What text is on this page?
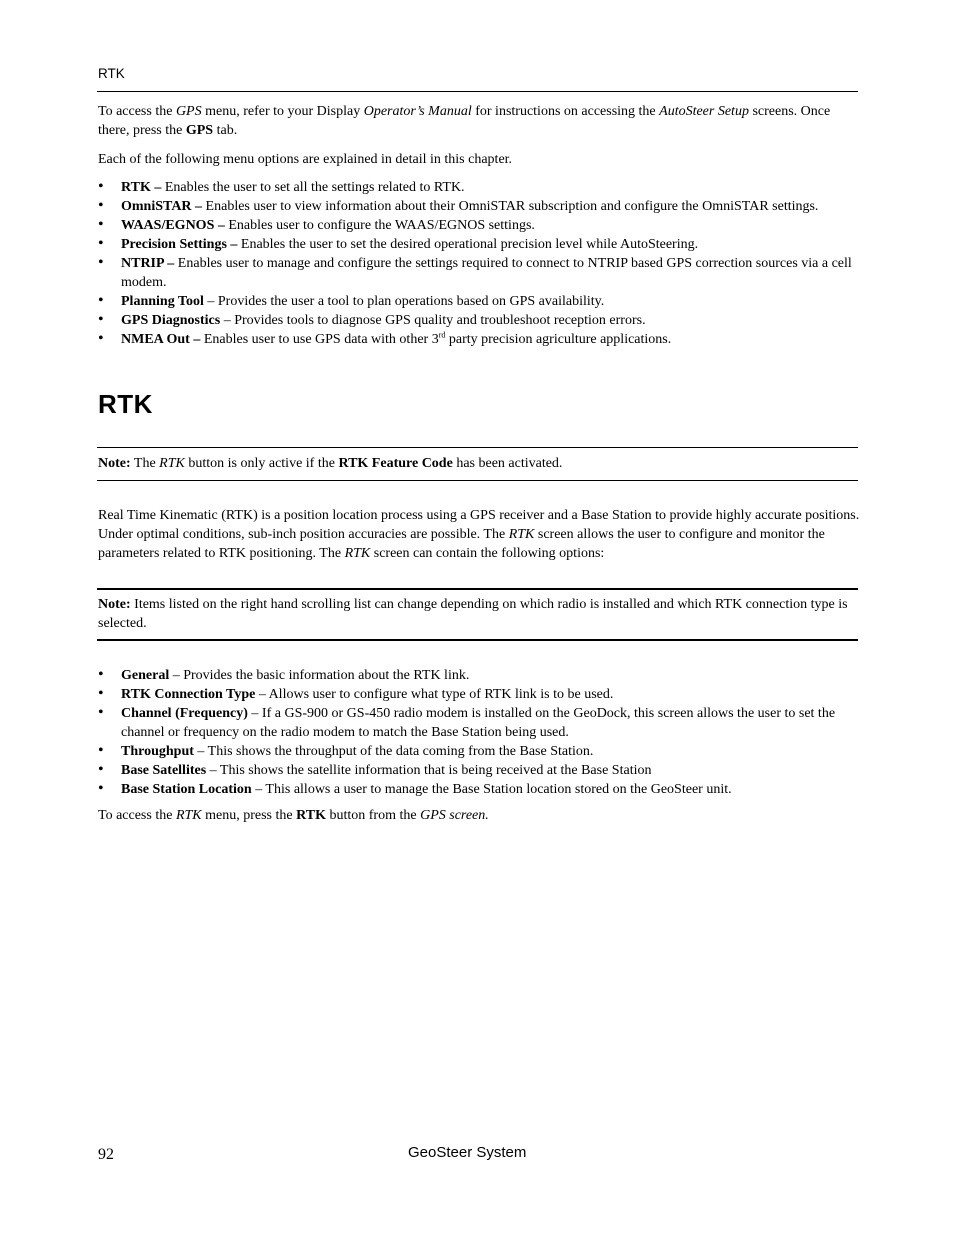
RTK

To access the GPS menu, refer to your Display Operator’s Manual for instructions on accessing the AutoSteer Setup screens. Once there, press the GPS tab.

Each of the following menu options are explained in detail in this chapter.

• RTK – Enables the user to set all the settings related to RTK.
• OmniSTAR – Enables user to view information about their OmniSTAR subscription and configure the OmniSTAR settings.
• WAAS/EGNOS – Enables user to configure the WAAS/EGNOS settings.
• Precision Settings – Enables the user to set the desired operational precision level while AutoSteering.
• NTRIP – Enables user to manage and configure the settings required to connect to NTRIP based GPS correction sources via a cell modem.
• Planning Tool – Provides the user a tool to plan operations based on GPS availability.
• GPS Diagnostics – Provides tools to diagnose GPS quality and troubleshoot reception errors.
• NMEA Out – Enables user to use GPS data with other 3rd party precision agriculture applications.
RTK

Note: The RTK button is only active if the RTK Feature Code has been activated.

Real Time Kinematic (RTK) is a position location process using a GPS receiver and a Base Station to provide highly accurate positions. Under optimal conditions, sub-inch position accuracies are possible. The RTK screen allows the user to configure and monitor the parameters related to RTK positioning. The RTK screen can contain the following options:

Note: Items listed on the right hand scrolling list can change depending on which radio is installed and which RTK connection type is selected.

• General – Provides the basic information about the RTK link.
• RTK Connection Type – Allows user to configure what type of RTK link is to be used.
• Channel (Frequency) – If a GS-900 or GS-450 radio modem is installed on the GeoDock, this screen allows the user to set the channel or frequency on the radio modem to match the Base Station being used.
• Throughput – This shows the throughput of the data coming from the Base Station.
• Base Satellites – This shows the satellite information that is being received at the Base Station
• Base Station Location – This allows a user to manage the Base Station location stored on the GeoSteer unit.

To access the RTK menu, press the RTK button from the GPS screen.

92	GeoSteer System
